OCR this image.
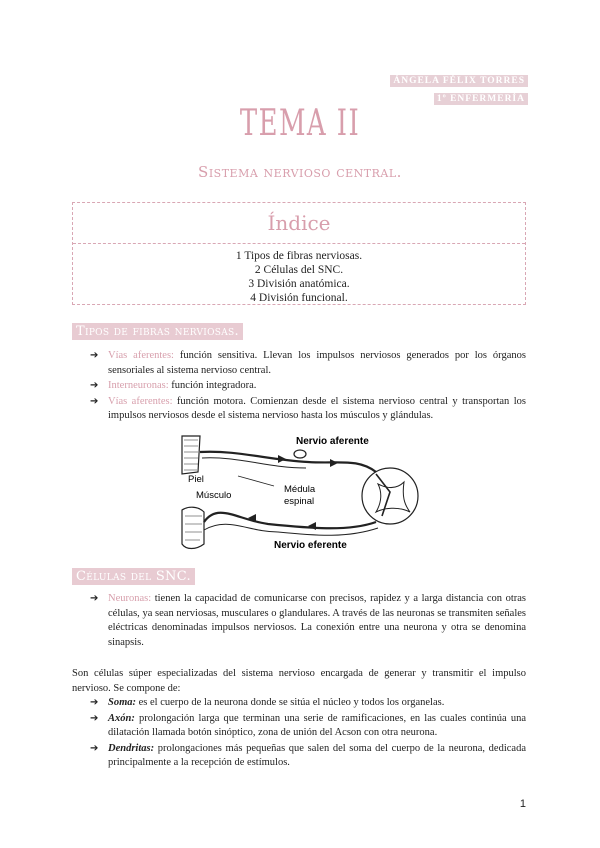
ÁNGELA FÉLIX TORRES
1º ENFERMERÍA
TEMA II
Sistema nervioso central.
Índice
1 Tipos de fibras nerviosas.
2 Células del SNC.
3 División anatómica.
4 División funcional.
Tipos de fibras nerviosas.
➔ Vías aferentes: función sensitiva. Llevan los impulsos nerviosos generados por los órganos sensoriales al sistema nervioso central.
➔ Interneuronas: función integradora.
➔ Vías aferentes: función motora. Comienzan desde el sistema nervioso central y transportan los impulsos nerviosos desde el sistema nervioso hasta los músculos y glándulas.
Nervio aferente
Piel
Músculo
Médula
espinal
Nervio eferente
Células del SNC.
➔ Neuronas: tienen la capacidad de comunicarse con precisos, rapidez y a larga distancia con otras células, ya sean nerviosas, musculares o glandulares. A través de las neuronas se transmiten señales eléctricas denominadas impulsos nerviosos. La conexión entre una neurona y otra se denomina sinapsis.
Son células súper especializadas del sistema nervioso encargada de generar y transmitir el impulso nervioso. Se compone de:
➔ Soma: es el cuerpo de la neurona donde se sitúa el núcleo y todos los organelas.
➔ Axón: prolongación larga que terminan una serie de ramificaciones, en las cuales continúa una dilatación llamada botón sinóptico, zona de unión del Acson con otra neurona.
➔ Dendritas: prolongaciones más pequeñas que salen del soma del cuerpo de la neurona, dedicada principalmente a la recepción de estímulos.
1
